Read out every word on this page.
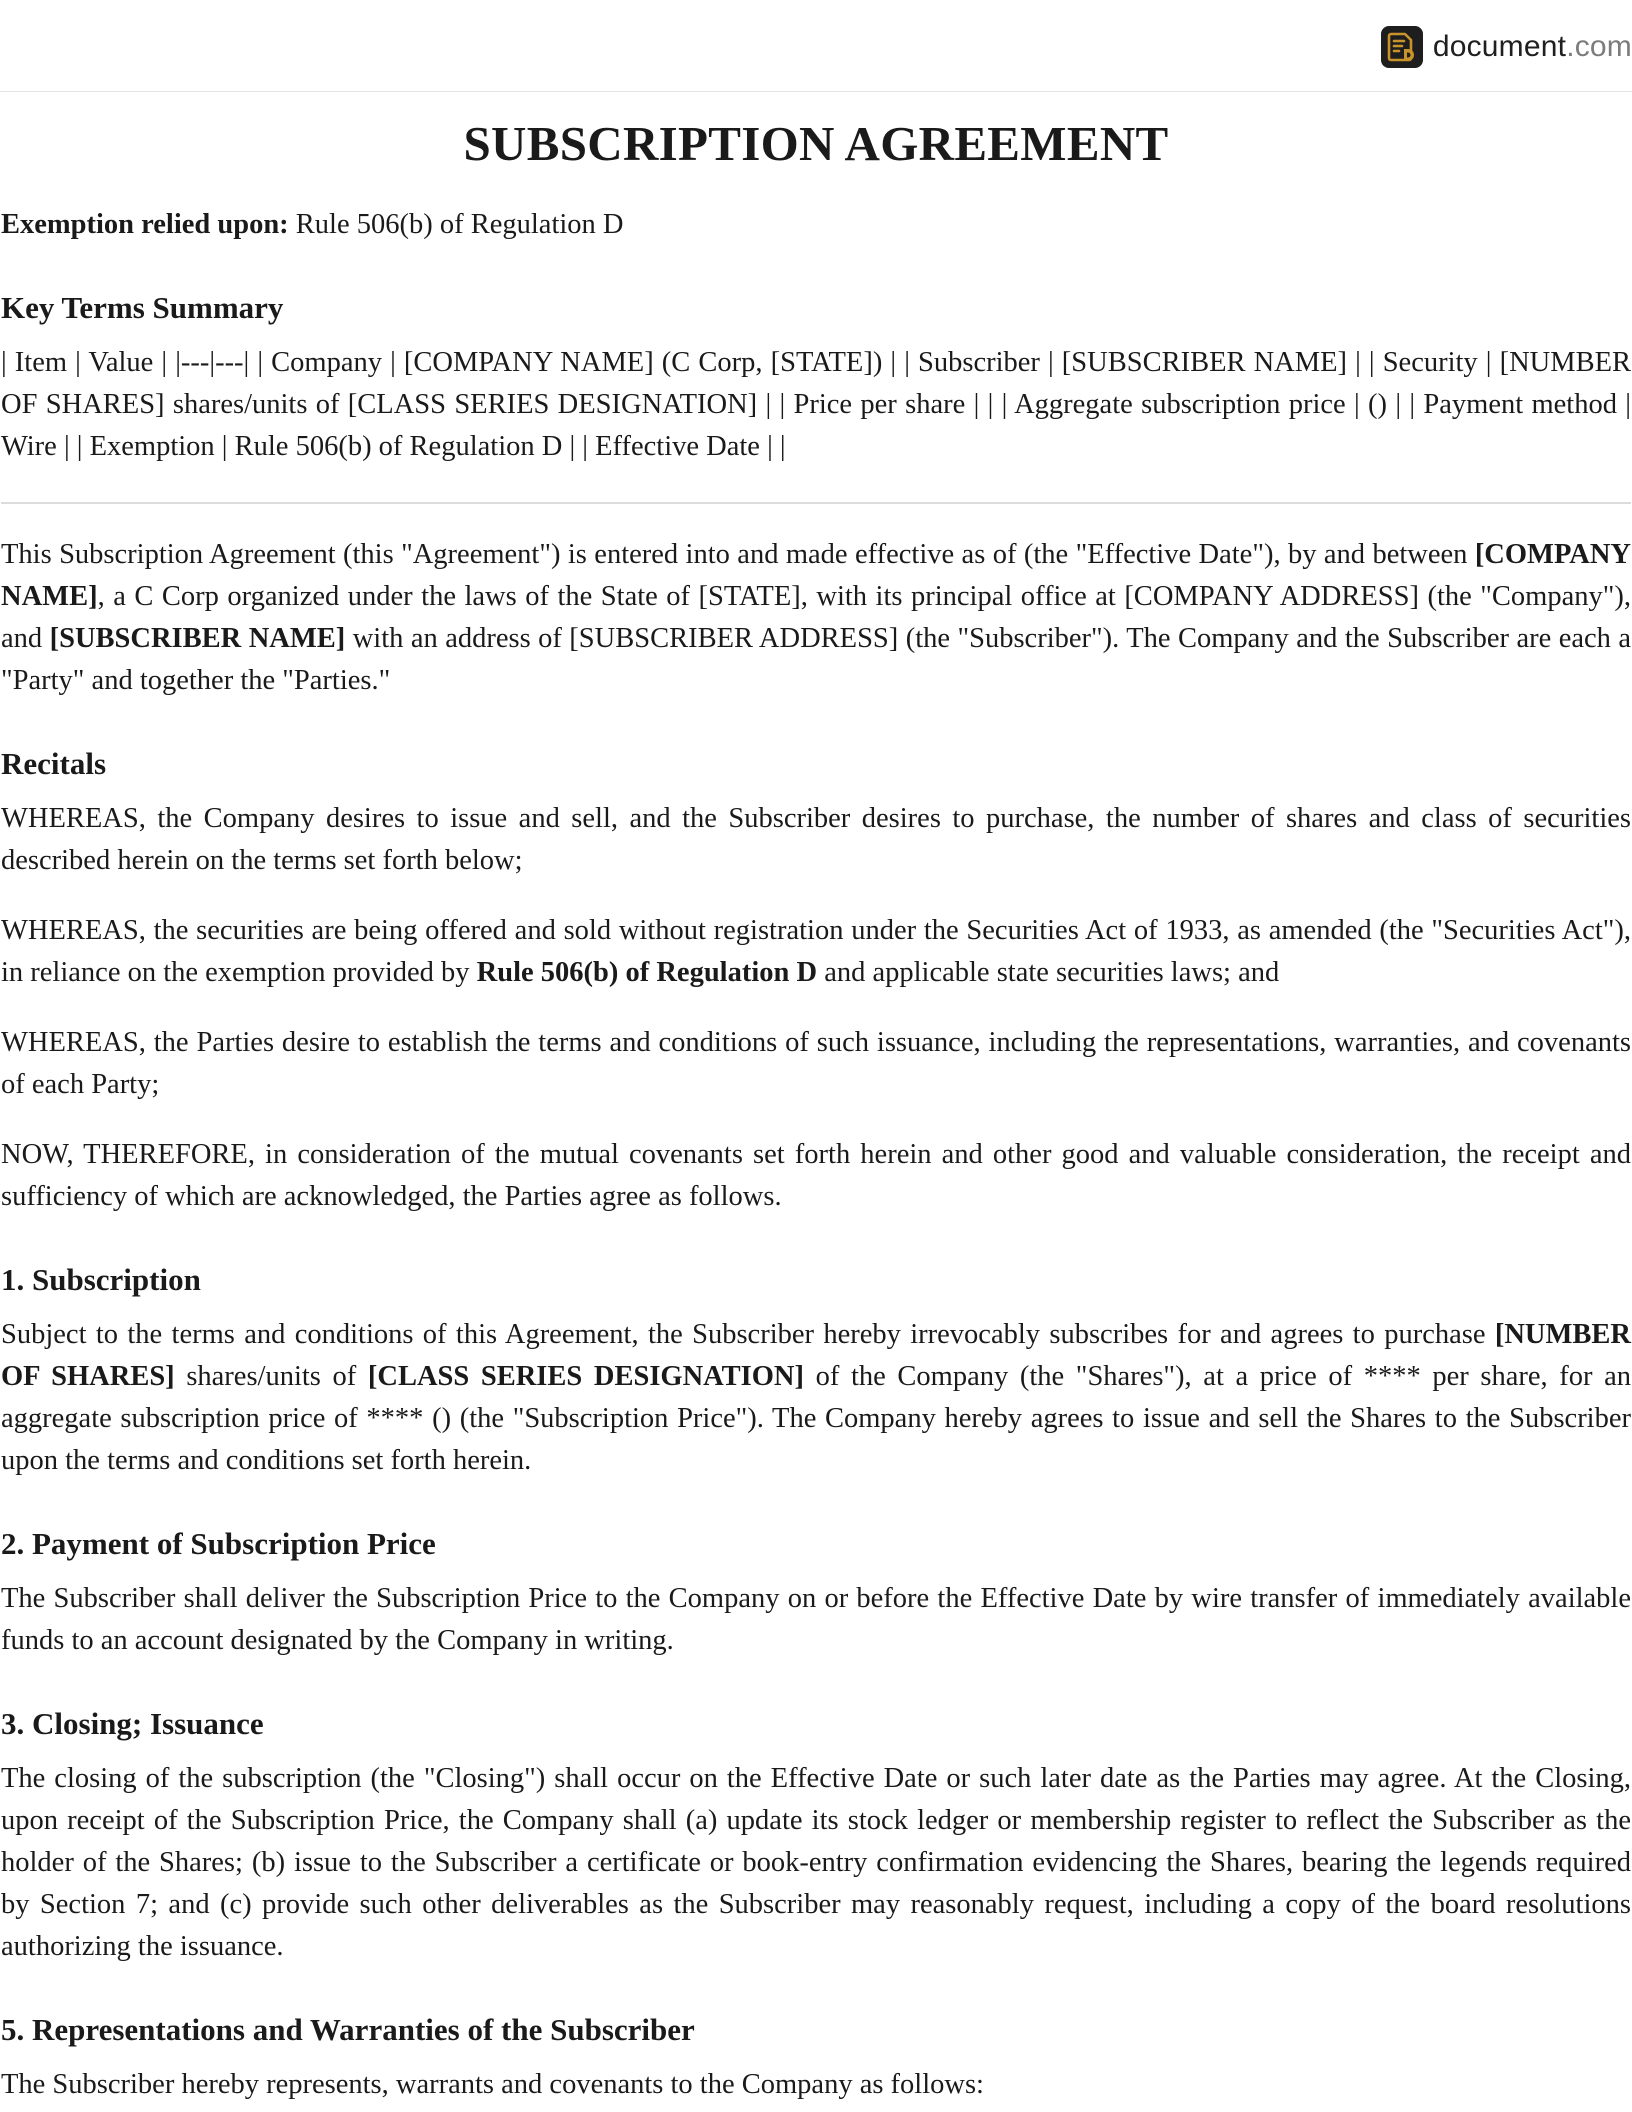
document.com
SUBSCRIPTION AGREEMENT

Exemption relied upon: Rule 506(b) of Regulation D

Key Terms Summary

| Item | Value | |---|---| | Company | [COMPANY NAME] (C Corp, [STATE]) | | Subscriber | [SUBSCRIBER NAME] | | Security | [NUMBER OF SHARES] shares/units of [CLASS SERIES DESIGNATION] | | Price per share | | | Aggregate subscription price | () | | Payment method | Wire | | Exemption | Rule 506(b) of Regulation D | | Effective Date | |

This Subscription Agreement (this "Agreement") is entered into and made effective as of (the "Effective Date"), by and between [COMPANY NAME], a C Corp organized under the laws of the State of [STATE], with its principal office at [COMPANY ADDRESS] (the "Company"), and [SUBSCRIBER NAME] with an address of [SUBSCRIBER ADDRESS] (the "Subscriber"). The Company and the Subscriber are each a "Party" and together the "Parties."

Recitals

WHEREAS, the Company desires to issue and sell, and the Subscriber desires to purchase, the number of shares and class of securities described herein on the terms set forth below;

WHEREAS, the securities are being offered and sold without registration under the Securities Act of 1933, as amended (the "Securities Act"), in reliance on the exemption provided by Rule 506(b) of Regulation D and applicable state securities laws; and

WHEREAS, the Parties desire to establish the terms and conditions of such issuance, including the representations, warranties, and covenants of each Party;

NOW, THEREFORE, in consideration of the mutual covenants set forth herein and other good and valuable consideration, the receipt and sufficiency of which are acknowledged, the Parties agree as follows.

1. Subscription

Subject to the terms and conditions of this Agreement, the Subscriber hereby irrevocably subscribes for and agrees to purchase [NUMBER OF SHARES] shares/units of [CLASS SERIES DESIGNATION] of the Company (the "Shares"), at a price of **** per share, for an aggregate subscription price of **** () (the "Subscription Price"). The Company hereby agrees to issue and sell the Shares to the Subscriber upon the terms and conditions set forth herein.

2. Payment of Subscription Price

The Subscriber shall deliver the Subscription Price to the Company on or before the Effective Date by wire transfer of immediately available funds to an account designated by the Company in writing.

3. Closing; Issuance

The closing of the subscription (the "Closing") shall occur on the Effective Date or such later date as the Parties may agree. At the Closing, upon receipt of the Subscription Price, the Company shall (a) update its stock ledger or membership register to reflect the Subscriber as the holder of the Shares; (b) issue to the Subscriber a certificate or book-entry confirmation evidencing the Shares, bearing the legends required by Section 7; and (c) provide such other deliverables as the Subscriber may reasonably request, including a copy of the board resolutions authorizing the issuance.

5. Representations and Warranties of the Subscriber

The Subscriber hereby represents, warrants and covenants to the Company as follows:
